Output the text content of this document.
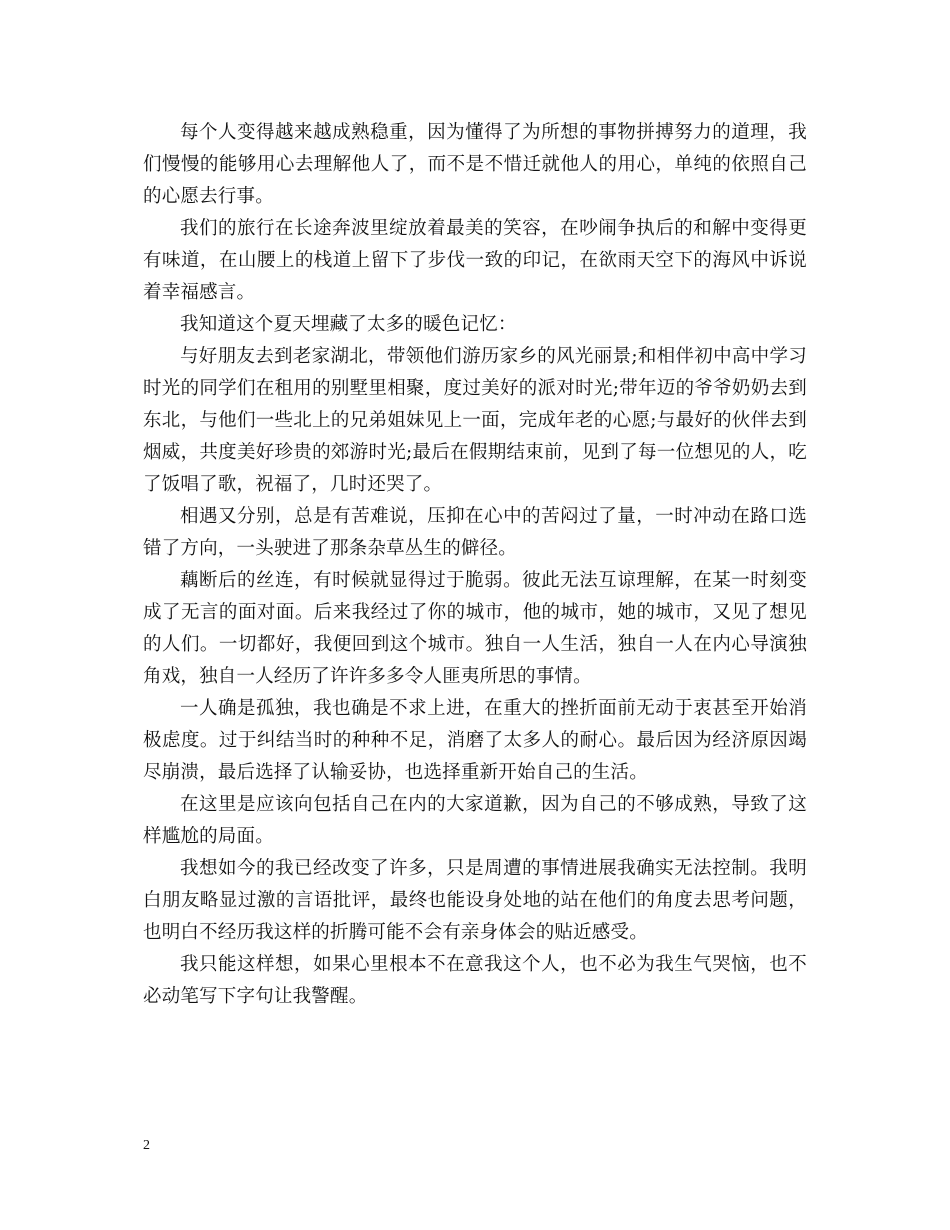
每个人变得越来越成熟稳重，因为懂得了为所想的事物拼搏努力的道理，我们慢慢的能够用心去理解他人了，而不是不惜迁就他人的用心，单纯的依照自己的心愿去行事。

我们的旅行在长途奔波里绽放着最美的笑容，在吵闹争执后的和解中变得更有味道，在山腰上的栈道上留下了步伐一致的印记，在欲雨天空下的海风中诉说着幸福感言。

我知道这个夏天埋藏了太多的暖色记忆：

与好朋友去到老家湖北，带领他们游历家乡的风光丽景;和相伴初中高中学习时光的同学们在租用的别墅里相聚，度过美好的派对时光;带年迈的爷爷奶奶去到东北，与他们一些北上的兄弟姐妹见上一面，完成年老的心愿;与最好的伙伴去到烟威，共度美好珍贵的郊游时光;最后在假期结束前，见到了每一位想见的人，吃了饭唱了歌，祝福了，几时还哭了。

相遇又分别，总是有苦难说，压抑在心中的苦闷过了量，一时冲动在路口选错了方向，一头驶进了那条杂草丛生的僻径。

藕断后的丝连，有时候就显得过于脆弱。彼此无法互谅理解，在某一时刻变成了无言的面对面。后来我经过了你的城市，他的城市，她的城市，又见了想见的人们。一切都好，我便回到这个城市。独自一人生活，独自一人在内心导演独角戏，独自一人经历了许许多多令人匪夷所思的事情。

一人确是孤独，我也确是不求上进，在重大的挫折面前无动于衷甚至开始消极虑度。过于纠结当时的种种不足，消磨了太多人的耐心。最后因为经济原因竭尽崩溃，最后选择了认输妥协，也选择重新开始自己的生活。

在这里是应该向包括自己在内的大家道歉，因为自己的不够成熟，导致了这样尴尬的局面。

我想如今的我已经改变了许多，只是周遭的事情进展我确实无法控制。我明白朋友略显过激的言语批评，最终也能设身处地的站在他们的角度去思考问题，也明白不经历我这样的折腾可能不会有亲身体会的贴近感受。

我只能这样想，如果心里根本不在意我这个人，也不必为我生气哭恼，也不必动笔写下字句让我警醒。

2
